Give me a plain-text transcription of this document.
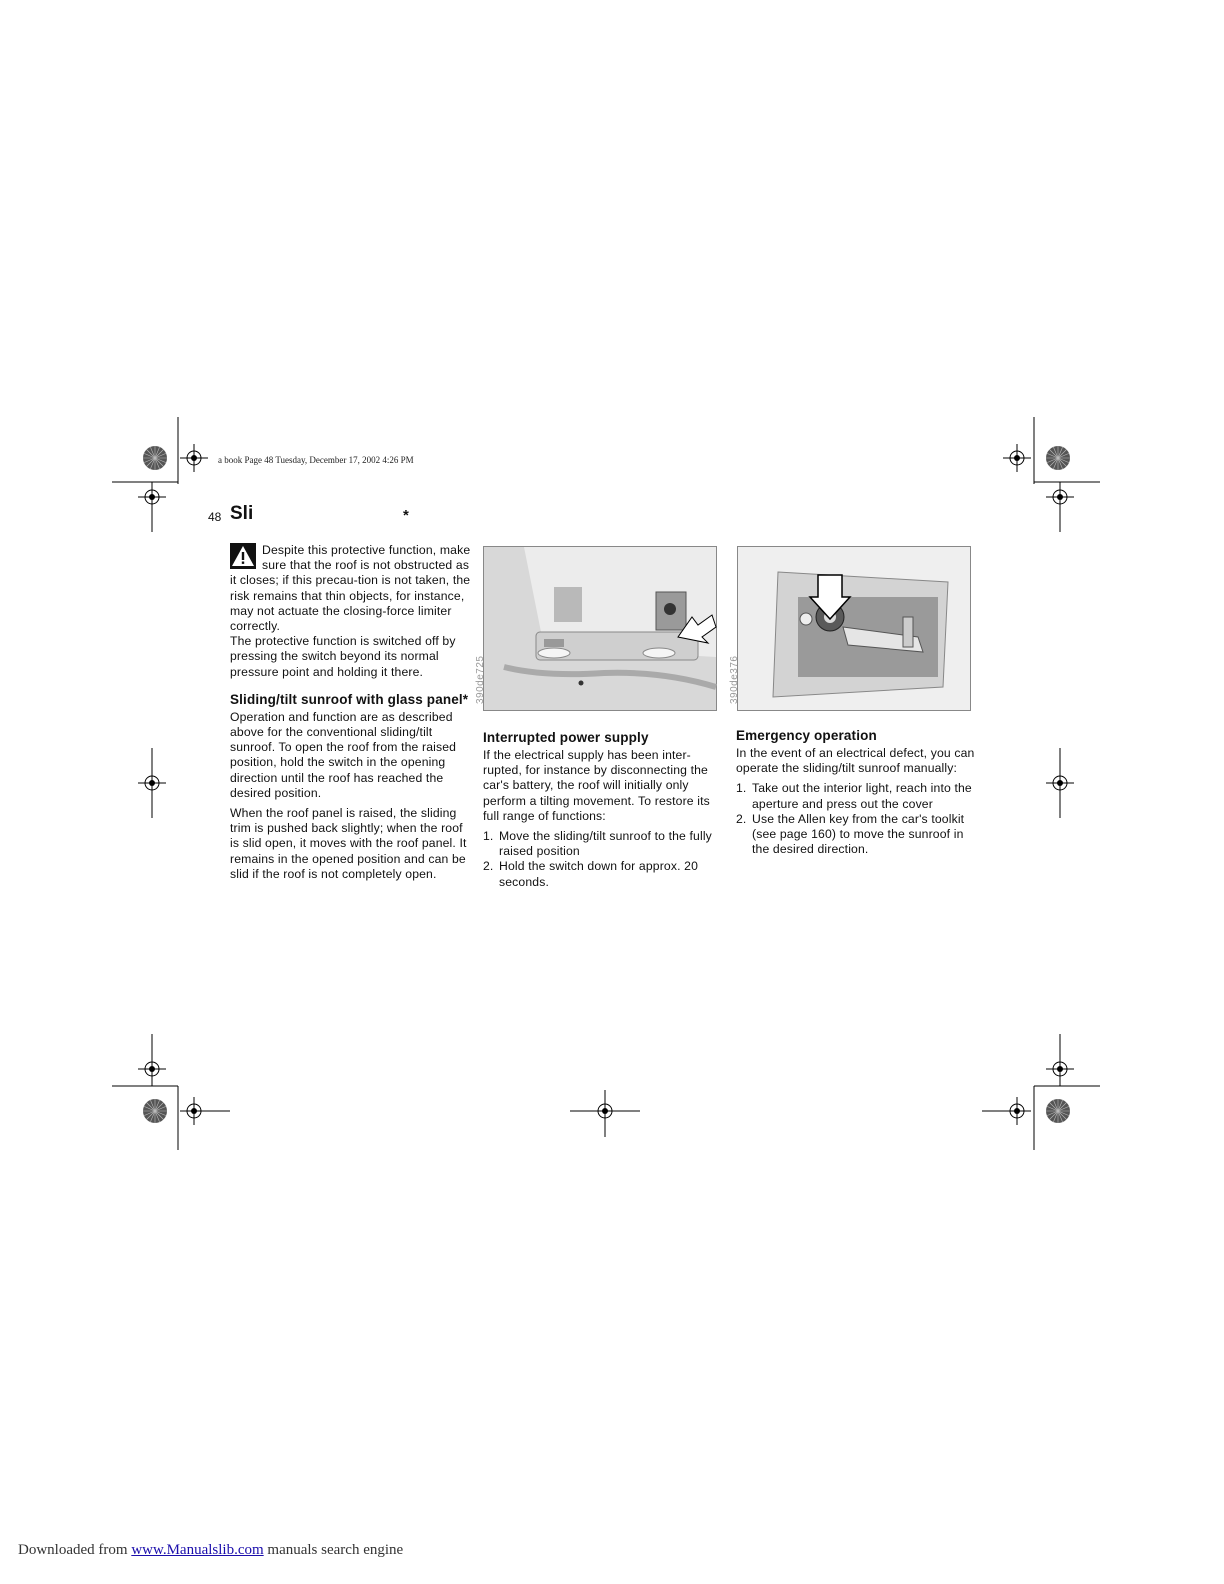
a book Page 48 Tuesday, December 17, 2002 4:26 PM
48 Sli	*

Despite this protective function, make sure that the roof is not obstructed as it closes; if this precau-tion is not taken, the risk remains that thin objects, for instance, may not actuate the closing-force limiter correctly.

The protective function is switched off by pressing the switch beyond its normal pressure point and holding it there.

Sliding/tilt sunroof with glass panel*

Operation and function are as described above for the conventional sliding/tilt sunroof. To open the roof from the raised position, hold the switch in the opening direction until the roof has reached the desired position.

When the roof panel is raised, the sliding trim is pushed back slightly; when the roof is slid open, it moves with the roof panel. It remains in the opened position and can be slid if the roof is not completely open.

390de725
Interrupted power supply

If the electrical supply has been inter-rupted, for instance by disconnecting the car's battery, the roof will initially only perform a tilting movement. To restore its full range of functions:

1. Move the sliding/tilt sunroof to the fully raised position
2. Hold the switch down for approx. 20 seconds.
390de376
Emergency operation

In the event of an electrical defect, you can operate the sliding/tilt sunroof manually:

1. Take out the interior light, reach into the aperture and press out the cover
2. Use the Allen key from the car's toolkit (see page 160) to move the sunroof in the desired direction.
Downloaded from www.Manualslib.com manuals search engine
